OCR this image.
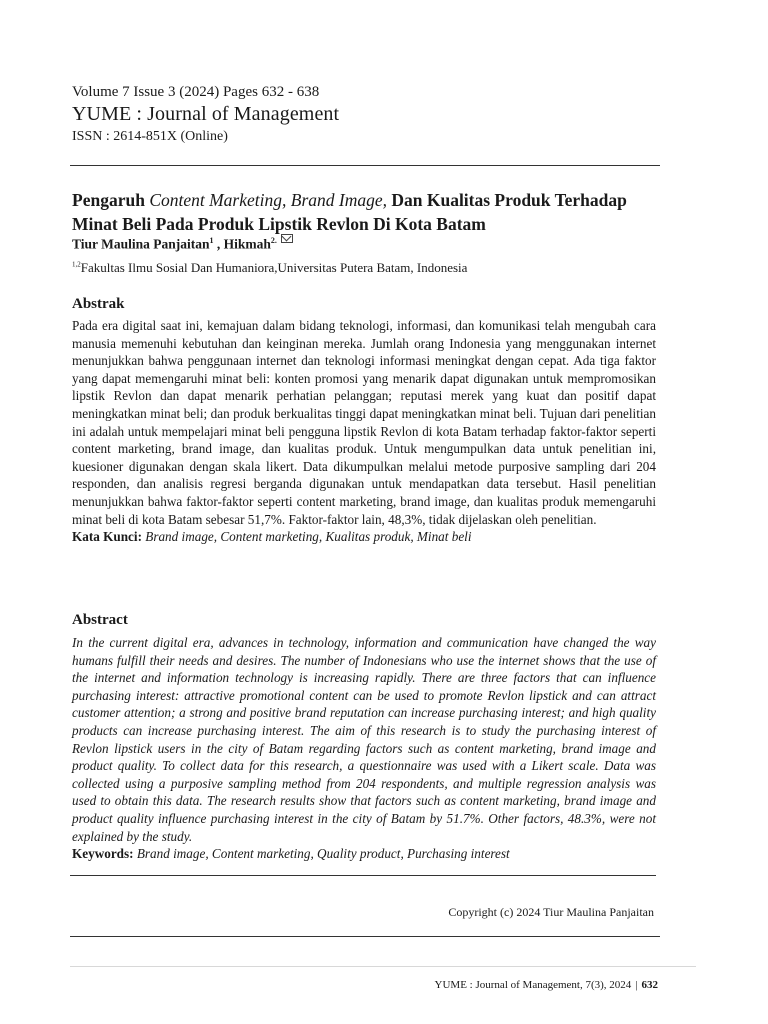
Volume 7 Issue 3 (2024) Pages 632 - 638
YUME : Journal of Management
ISSN : 2614-851X (Online)
Pengaruh Content Marketing, Brand Image, Dan Kualitas Produk Terhadap Minat Beli Pada Produk Lipstik Revlon Di Kota Batam
Tiur Maulina Panjaitan$^1$ , Hikmah$^{2.}$
$^{1,2}$Fakultas Ilmu Sosial Dan Humaniora,Universitas Putera Batam, Indonesia
Abstrak
Pada era digital saat ini, kemajuan dalam bidang teknologi, informasi, dan komunikasi telah mengubah cara manusia memenuhi kebutuhan dan keinginan mereka. Jumlah orang Indonesia yang menggunakan internet menunjukkan bahwa penggunaan internet dan teknologi informasi meningkat dengan cepat. Ada tiga faktor yang dapat memengaruhi minat beli: konten promosi yang menarik dapat digunakan untuk mempromosikan lipstik Revlon dan dapat menarik perhatian pelanggan; reputasi merek yang kuat dan positif dapat meningkatkan minat beli; dan produk berkualitas tinggi dapat meningkatkan minat beli. Tujuan dari penelitian ini adalah untuk mempelajari minat beli pengguna lipstik Revlon di kota Batam terhadap faktor-faktor seperti content marketing, brand image, dan kualitas produk. Untuk mengumpulkan data untuk penelitian ini, kuesioner digunakan dengan skala likert. Data dikumpulkan melalui metode purposive sampling dari 204 responden, dan analisis regresi berganda digunakan untuk mendapatkan data tersebut. Hasil penelitian menunjukkan bahwa faktor-faktor seperti content marketing, brand image, dan kualitas produk memengaruhi minat beli di kota Batam sebesar 51,7%. Faktor-faktor lain, 48,3%, tidak dijelaskan oleh penelitian.
Kata Kunci: Brand image, Content marketing, Kualitas produk, Minat beli
Abstract
In the current digital era, advances in technology, information and communication have changed the way humans fulfill their needs and desires. The number of Indonesians who use the internet shows that the use of the internet and information technology is increasing rapidly. There are three factors that can influence purchasing interest: attractive promotional content can be used to promote Revlon lipstick and can attract customer attention; a strong and positive brand reputation can increase purchasing interest; and high quality products can increase purchasing interest. The aim of this research is to study the purchasing interest of Revlon lipstick users in the city of Batam regarding factors such as content marketing, brand image and product quality. To collect data for this research, a questionnaire was used with a Likert scale. Data was collected using a purposive sampling method from 204 respondents, and multiple regression analysis was used to obtain this data. The research results show that factors such as content marketing, brand image and product quality influence purchasing interest in the city of Batam by 51.7%. Other factors, 48.3%, were not explained by the study.
Keywords: Brand image, Content marketing, Quality product, Purchasing interest
Copyright (c) 2024 Tiur Maulina Panjaitan
YUME : Journal of Management, 7(3), 2024 | 632
